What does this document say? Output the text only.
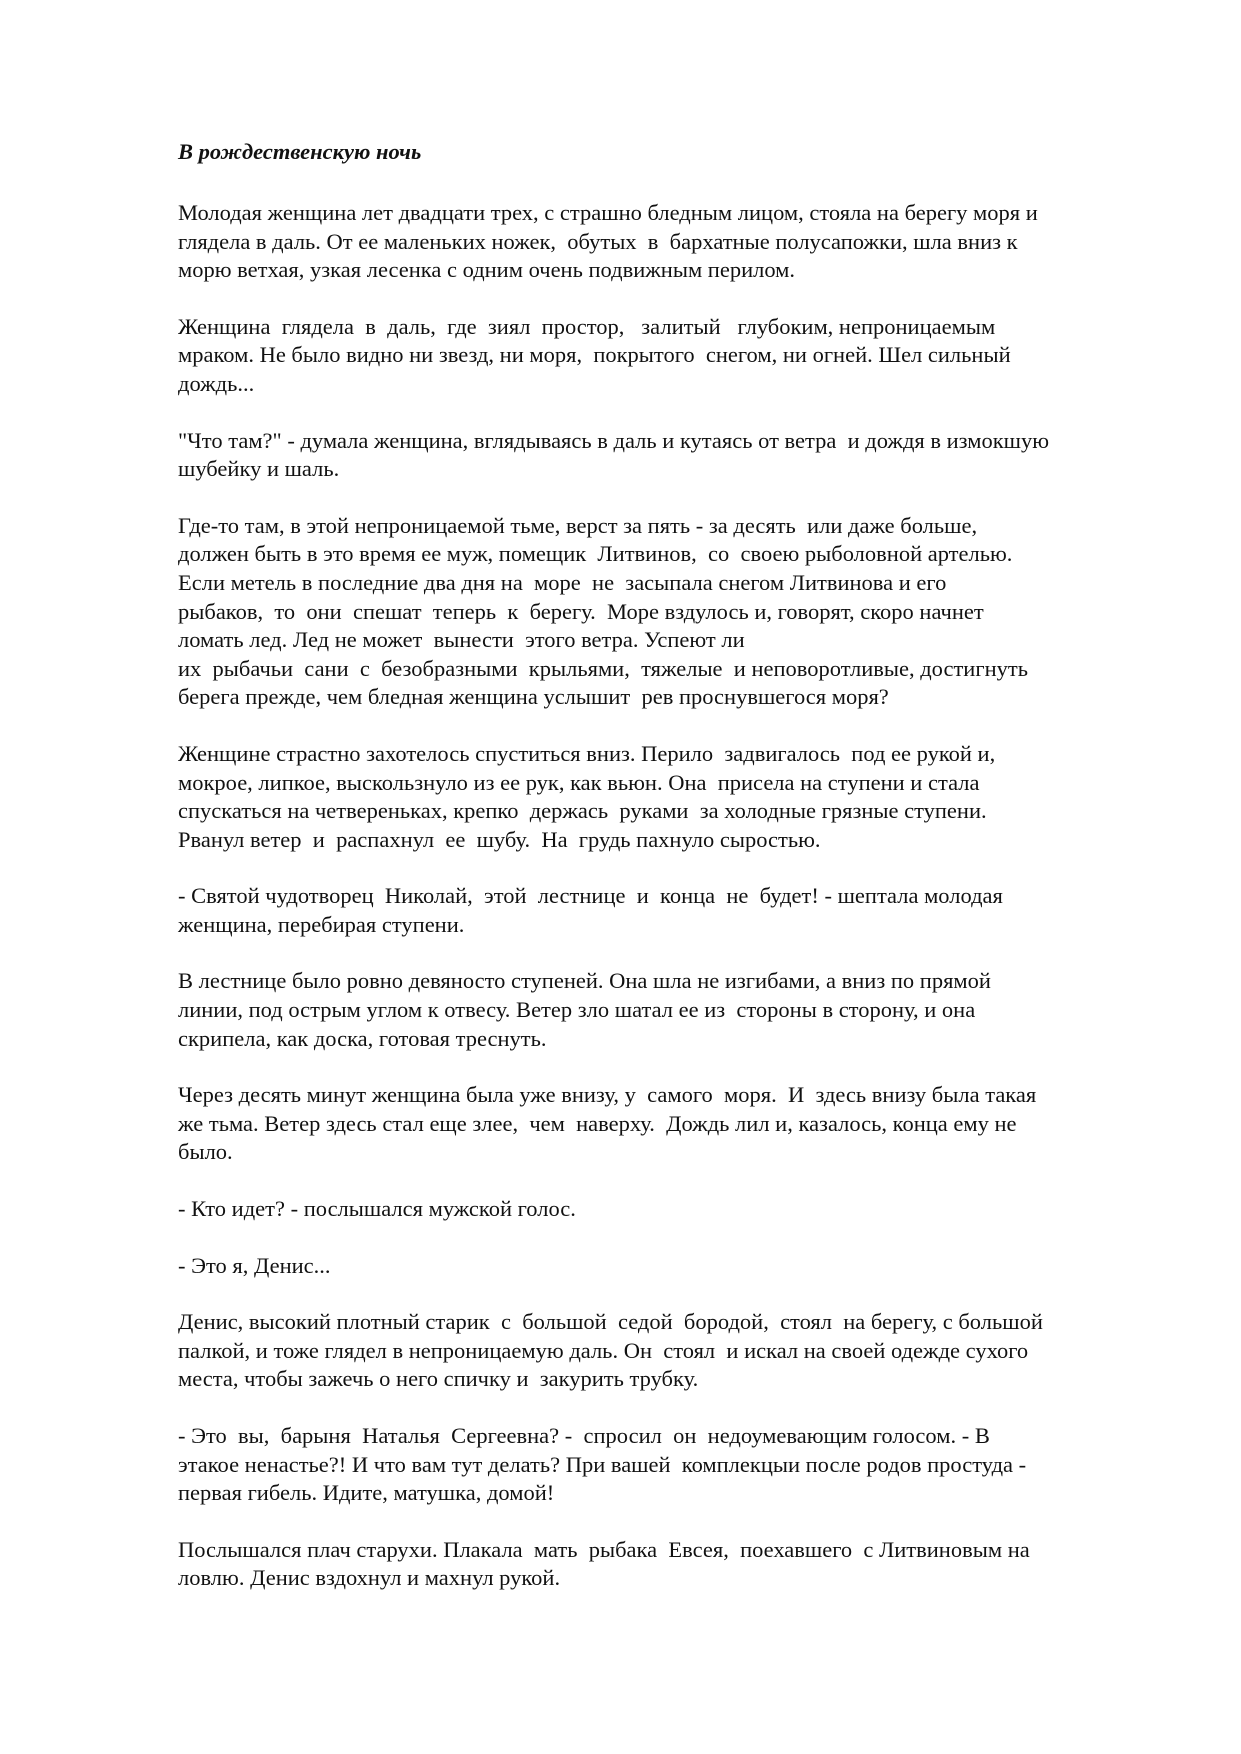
В рождественскую ночь
Молодая женщина лет двадцати трех, с страшно бледным лицом, стояла на берегу моря и
глядела в даль. От ее маленьких ножек,  обутых  в  бархатные полусапожки, шла вниз к
морю ветхая, узкая лесенка с одним очень подвижным перилом.
Женщина  глядела  в  даль,  где  зиял  простор,   залитый   глубоким, непроницаемым
мраком. Не было видно ни звезд, ни моря,  покрытого  снегом, ни огней. Шел сильный
дождь...
"Что там?" - думала женщина, вглядываясь в даль и кутаясь от ветра  и дождя в измокшую
шубейку и шаль.
Где-то там, в этой непроницаемой тьме, верст за пять - за десять  или даже больше,
должен быть в это время ее муж, помещик  Литвинов,  со  своею рыболовной артелью.
Если метель в последние два дня на  море  не  засыпала снегом Литвинова и его
рыбаков,  то  они  спешат  теперь  к  берегу.  Море вздулось и, говорят, скоро начнет
ломать лед. Лед не может  вынести  этого ветра. Успеют ли
их  рыбачьи  сани  с  безобразными  крыльями,  тяжелые  и неповоротливые, достигнуть
берега прежде, чем бледная женщина услышит  рев проснувшегося моря?
Женщине страстно захотелось спуститься вниз. Перило  задвигалось  под ее рукой и,
мокрое, липкое, выскользнуло из ее рук, как вьюн. Она  присела на ступени и стала
спускаться на четвереньках, крепко  держась  руками  за холодные грязные ступени.
Рванул ветер  и  распахнул  ее  шубу.  На  грудь пахнуло сыростью.
- Святой чудотворец  Николай,  этой  лестнице  и  конца  не  будет! - шептала молодая
женщина, перебирая ступени.
В лестнице было ровно девяносто ступеней. Она шла не изгибами, а вниз по прямой
линии, под острым углом к отвесу. Ветер зло шатал ее из  стороны в сторону, и она
скрипела, как доска, готовая треснуть.
Через десять минут женщина была уже внизу, у  самого  моря.  И  здесь внизу была такая
же тьма. Ветер здесь стал еще злее,  чем  наверху.  Дождь лил и, казалось, конца ему не
было.
- Кто идет? - послышался мужской голос.
- Это я, Денис...
Денис, высокий плотный старик  с  большой  седой  бородой,  стоял  на берегу, с большой
палкой, и тоже глядел в непроницаемую даль. Он  стоял  и искал на своей одежде сухого
места, чтобы зажечь о него спичку и  закурить трубку.
- Это  вы,  барыня  Наталья  Сергеевна? -  спросил  он  недоумевающим голосом. - В
этакое ненастье?! И что вам тут делать? При вашей  комплекцыи после родов простуда -
первая гибель. Идите, матушка, домой!
Послышался плач старухи. Плакала  мать  рыбака  Евсея,  поехавшего  с Литвиновым на
ловлю. Денис вздохнул и махнул рукой.
